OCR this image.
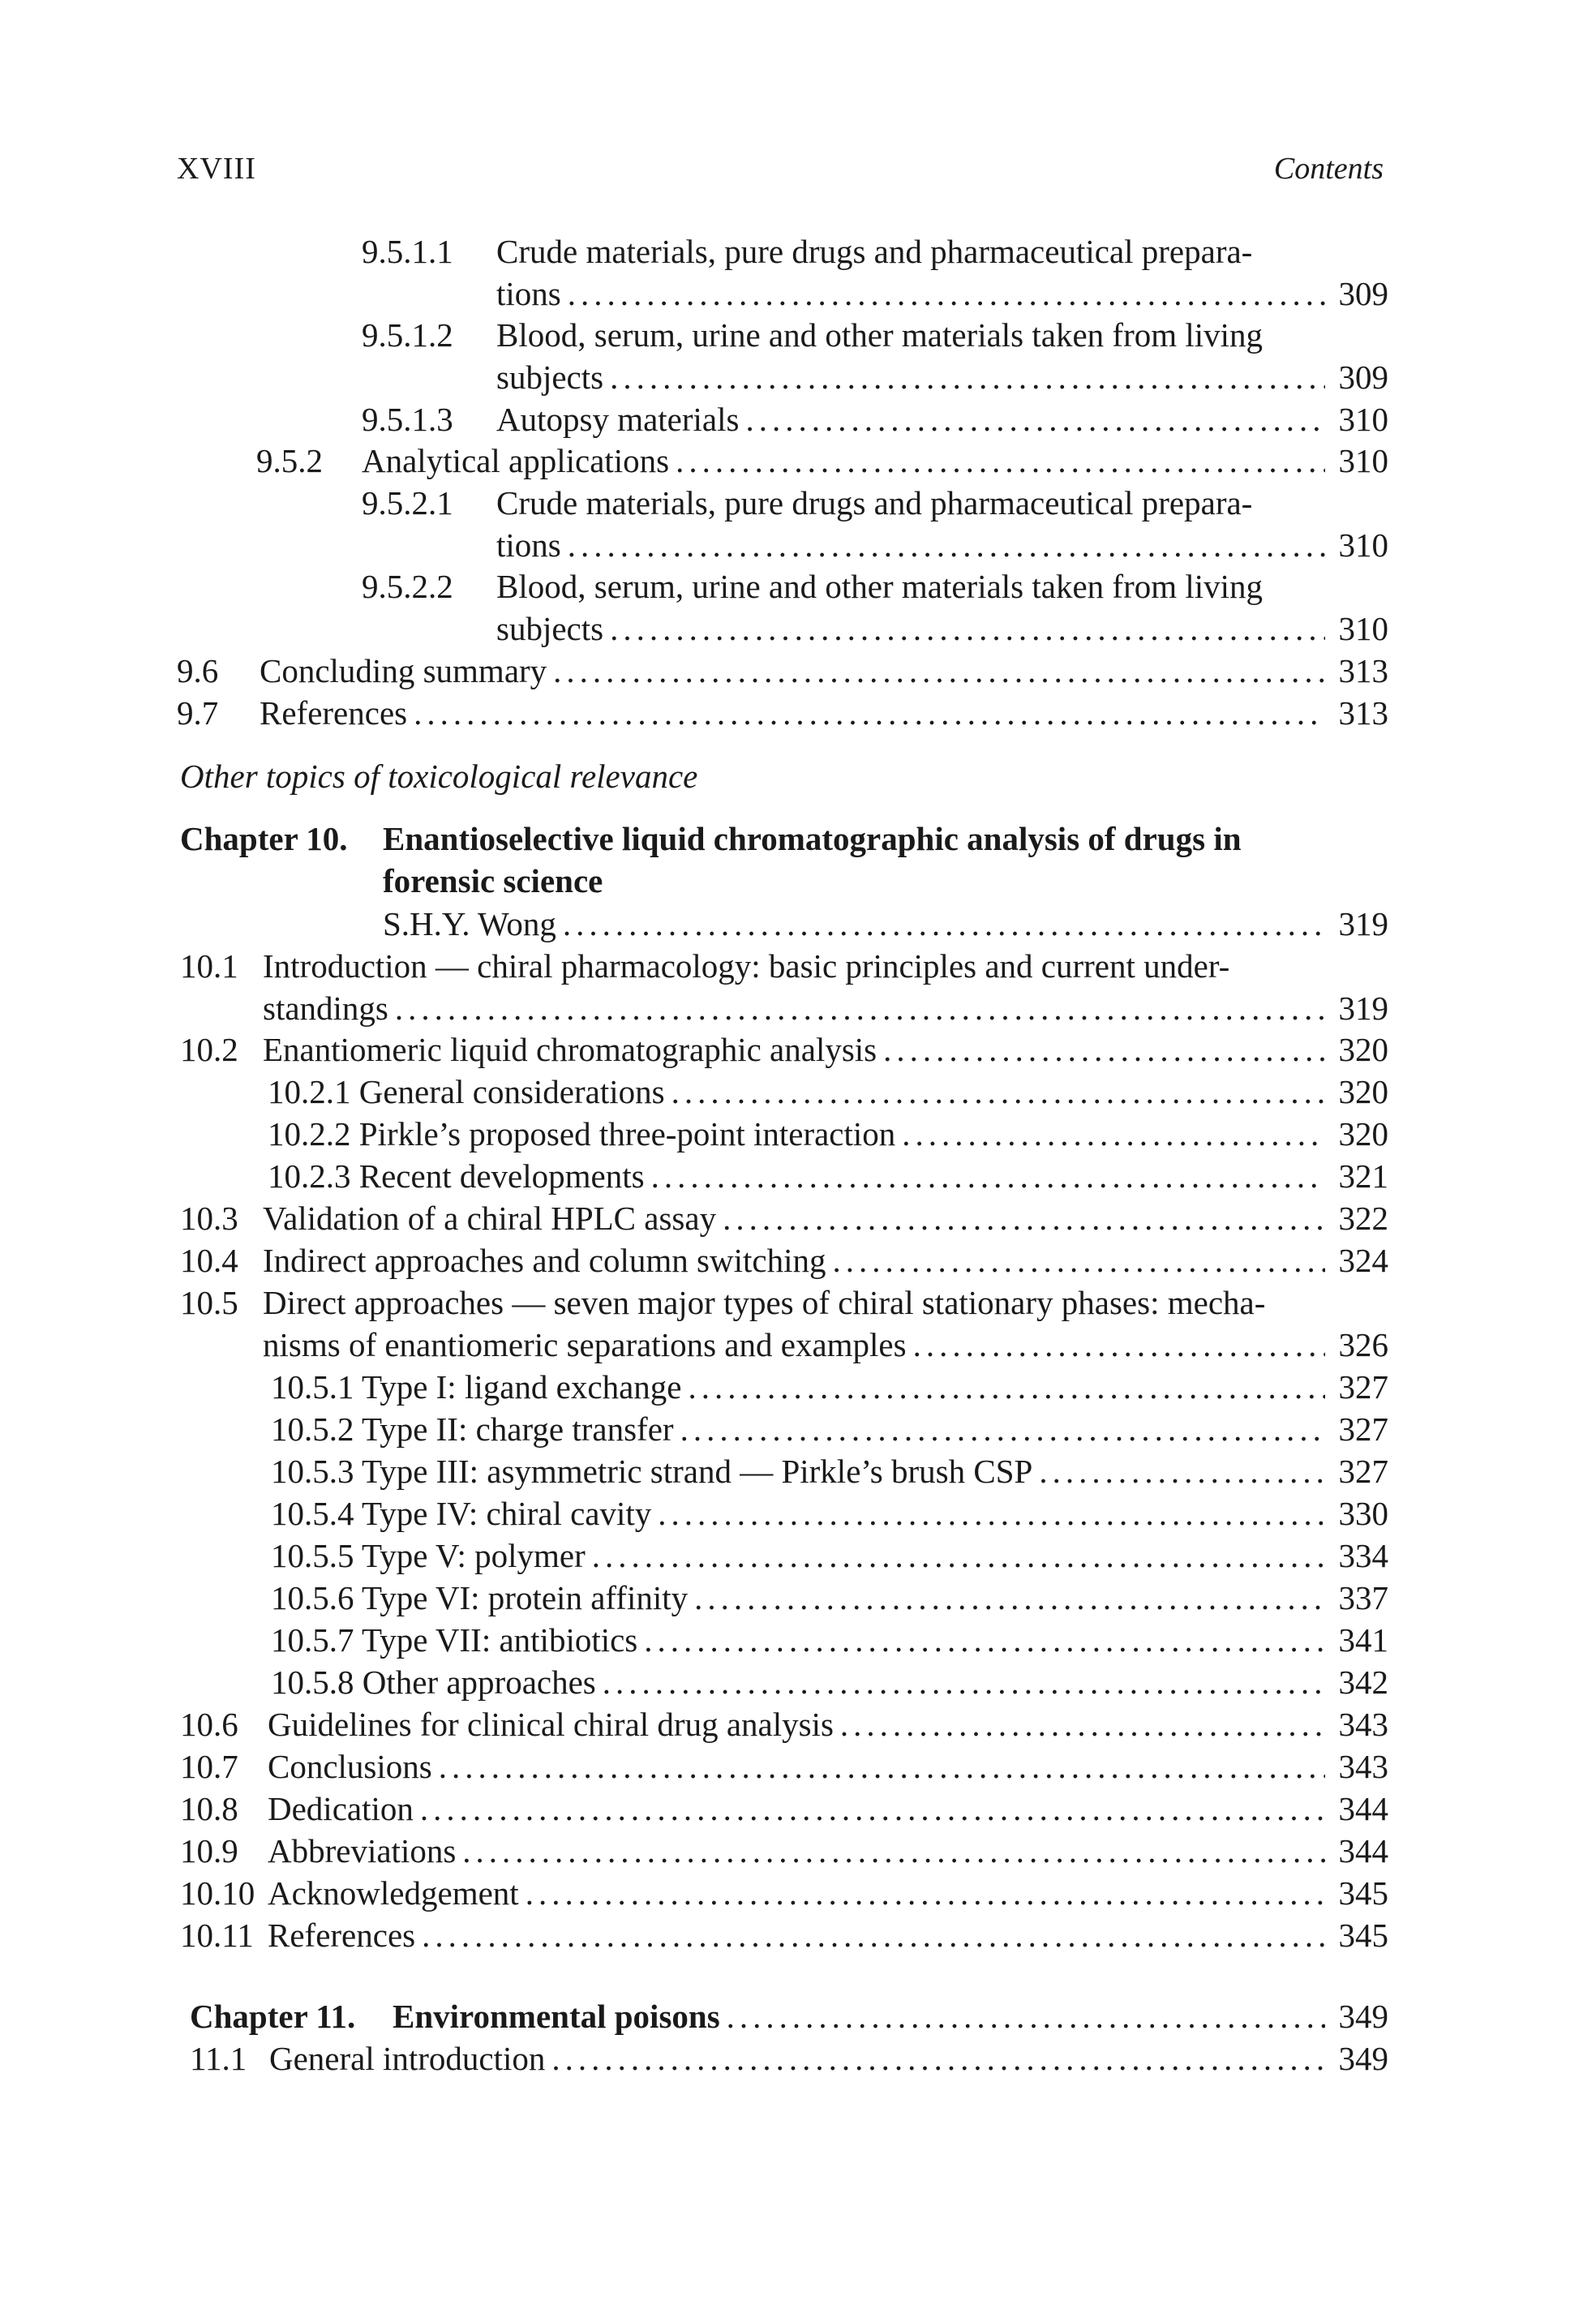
XVIII	Contents
9.5.1.1 Crude materials, pure drugs and pharmaceutical prepara-
tions .....	309
9.5.1.2 Blood, serum, urine and other materials taken from living
subjects .....	309
9.5.1.3 Autopsy materials .....	310
9.5.2 Analytical applications .....	310
9.5.2.1 Crude materials, pure drugs and pharmaceutical prepara-
tions .....	310
9.5.2.2 Blood, serum, urine and other materials taken from living
subjects .....	310
9.6 Concluding summary .....	313
9.7 References .....	313
Other topics of toxicological relevance
Chapter 10. Enantioselective liquid chromatographic analysis of drugs in
forensic science
S.H.Y. Wong .....	319
10.1 Introduction — chiral pharmacology: basic principles and current under-
standings .....	319
10.2 Enantiomeric liquid chromatographic analysis .....	320
10.2.1 General considerations .....	320
10.2.2 Pirkle’s proposed three-point interaction .....	320
10.2.3 Recent developments .....	321
10.3 Validation of a chiral HPLC assay .....	322
10.4 Indirect approaches and column switching .....	324
10.5 Direct approaches — seven major types of chiral stationary phases: mecha-
nisms of enantiomeric separations and examples .....	326
10.5.1 Type I: ligand exchange .....	327
10.5.2 Type II: charge transfer .....	327
10.5.3 Type III: asymmetric strand — Pirkle’s brush CSP .....	327
10.5.4 Type IV: chiral cavity .....	330
10.5.5 Type V: polymer .....	334
10.5.6 Type VI: protein affinity .....	337
10.5.7 Type VII: antibiotics .....	341
10.5.8 Other approaches .....	342
10.6 Guidelines for clinical chiral drug analysis .....	343
10.7 Conclusions .....	343
10.8 Dedication .....	344
10.9 Abbreviations .....	344
10.10 Acknowledgement .....	345
10.11 References .....	345
Chapter 11. Environmental poisons .....	349
11.1 General introduction .....	349
